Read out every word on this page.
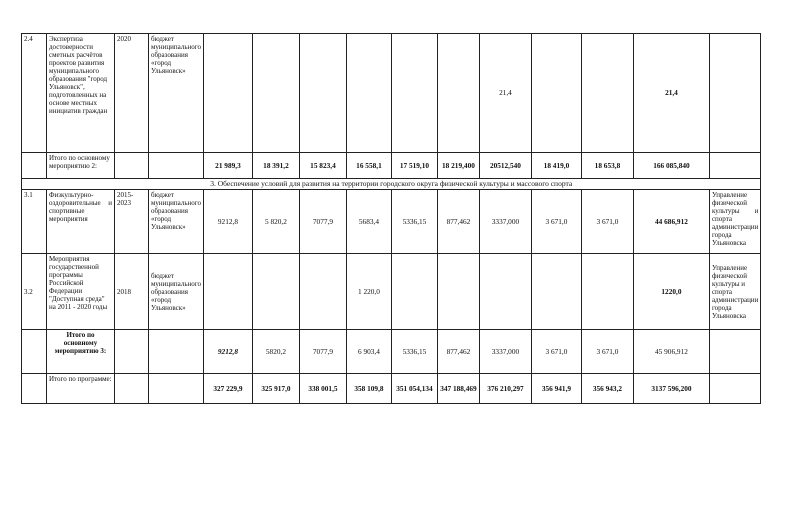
2.4	Экспертиза достоверности сметных расчётов проектов развития муниципального образования "город Ульяновск", подготовленных на основе местных инициатив граждан	2020	бюджет муниципального образования «город Ульяновск»							21,4			21,4	
	Итого по основному мероприятию 2:			21 989,3	18 391,2	15 823,4	16 558,1	17 519,10	18 219,400	20512,540	18 419,0	18 653,8	166 085,840	
3. Обеспечение условий для развития на территории городского округа физической культуры и массового спорта														
3.1	Физкультурно-оздоровительные и спортивные мероприятия	2015-2023	бюджет муниципального образования «город Ульяновск»	9212,8	5 820,2	7077,9	5683,4	5336,15	877,462	3337,000	3 671,0	3 671,0	44 686,912	Управление физической культуры и спорта администрации города Ульяновска
3.2	Мероприятия государственной программы Российской Федерации "Доступная среда" на 2011 - 2020 годы	2018	бюджет муниципального образования «город Ульяновск»				1 220,0						1220,0	Управление физической культуры и спорта администрации города Ульяновска
	Итого по основному мероприятию 3:			9212,8	5820,2	7077,9	6 903,4	5336,15	877,462	3337,000	3 671,0	3 671,0	45 906,912	
	Итого по программе:			327 229,9	325 917,0	338 001,5	358 109,8	351 054,134	347 188,469	376 210,297	356 941,9	356 943,2	3137 596,200	
